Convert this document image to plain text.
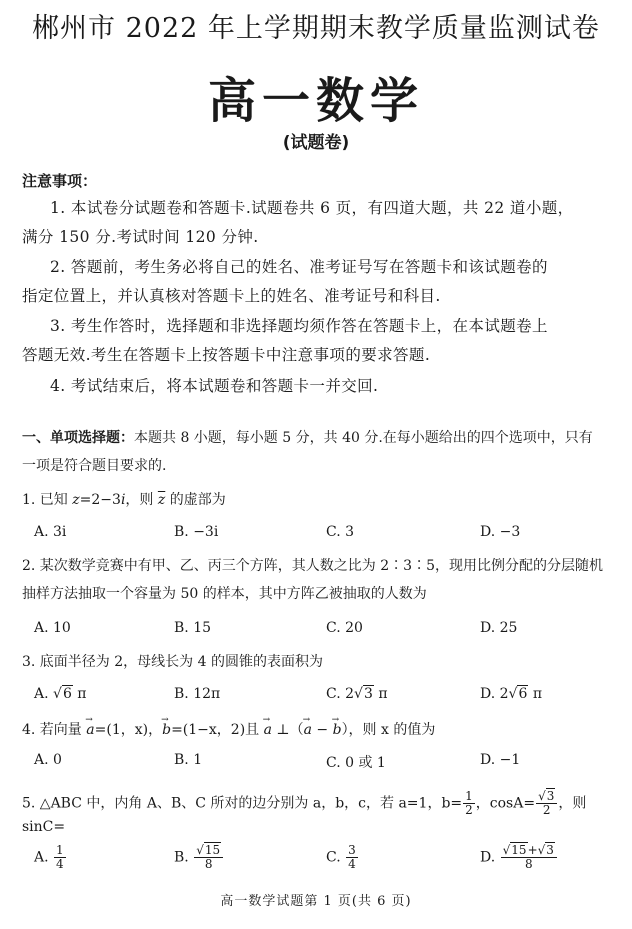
郴州市 2022 年上学期期末教学质量监测试卷
高一数学
(试题卷)
注意事项：
1. 本试卷分试题卷和答题卡.试题卷共 6 页，有四道大题，共 22 道小题，
满分 150 分.考试时间 120 分钟.
2. 答题前，考生务必将自己的姓名、准考证号写在答题卡和该试题卷的
指定位置上，并认真核对答题卡上的姓名、准考证号和科目.
3. 考生作答时，选择题和非选择题均须作答在答题卡上，在本试题卷上
答题无效.考生在答题卡上按答题卡中注意事项的要求答题.
4. 考试结束后，将本试题卷和答题卡一并交回.
一、单项选择题：本题共 8 小题，每小题 5 分，共 40 分.在每小题给出的四个选项中，只有
一项是符合题目要求的.
1. 已知 z=2−3i，则 $\overline{z}$ 的虚部为
A. 3i	B. −3i	C. 3	D. −3
2. 某次数学竞赛中有甲、乙、丙三个方阵，其人数之比为 2∶3∶5，现用比例分配的分层随机
抽样方法抽取一个容量为 50 的样本，其中方阵乙被抽取的人数为
A. 10	B. 15	C. 20	D. 25
3. 底面半径为 2，母线长为 4 的圆锥的表面积为
A. √6 π	B. 12π	C. 2√3 π	D. 2√6 π
4. 若向量 → a=(1，x)，→ b=(1−x，2)且 → a ⊥（→ a − → b），则 x 的值为
A. 0	B. 1	C. 0 或 1	D. −1
5. △ABC 中，内角 A、B、C 所对的边分别为 a，b，c，若 a=1，$b= \frac{1}{2}$ ，$\cos A= \frac{√3}{2}$ ，则 sinC=
A. $\frac{1}{4}$	B. $\frac{√15}{8}$	C. $\frac{3}{4}$	D. $\frac{√15+√3}{8}$
高一数学试题第 1 页(共 6 页)
